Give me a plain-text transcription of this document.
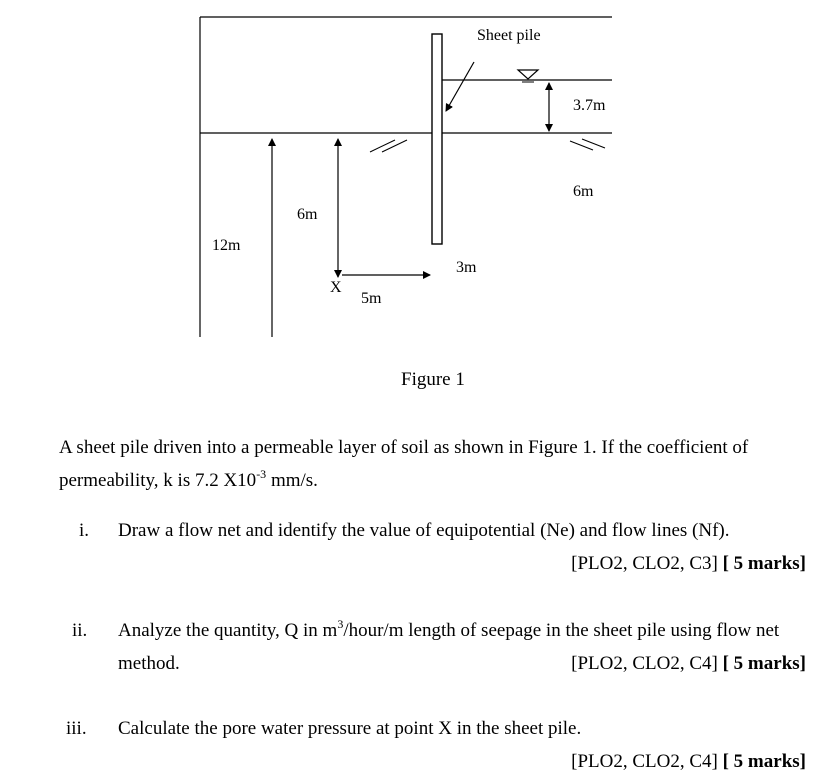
Sheet pile
3.7m
6m
6m
12m
3m
X
5m
Figure 1
A sheet pile driven into a permeable layer of soil as shown in Figure 1. If the coefficient of
permeability, k is 7.2 $X10^{-3}$ mm/s.
i. Draw a flow net and identify the value of equipotential (Ne) and flow lines (Nf).
[PLO2, CLO2, C3] [ 5 marks]
ii. Analyze the quantity, Q in $m^3/hour/m$ length of seepage in the sheet pile using flow net
method.	[PLO2, CLO2, C4] [ 5 marks]
iii. Calculate the pore water pressure at point X in the sheet pile.
[PLO2, CLO2, C4] [ 5 marks]
